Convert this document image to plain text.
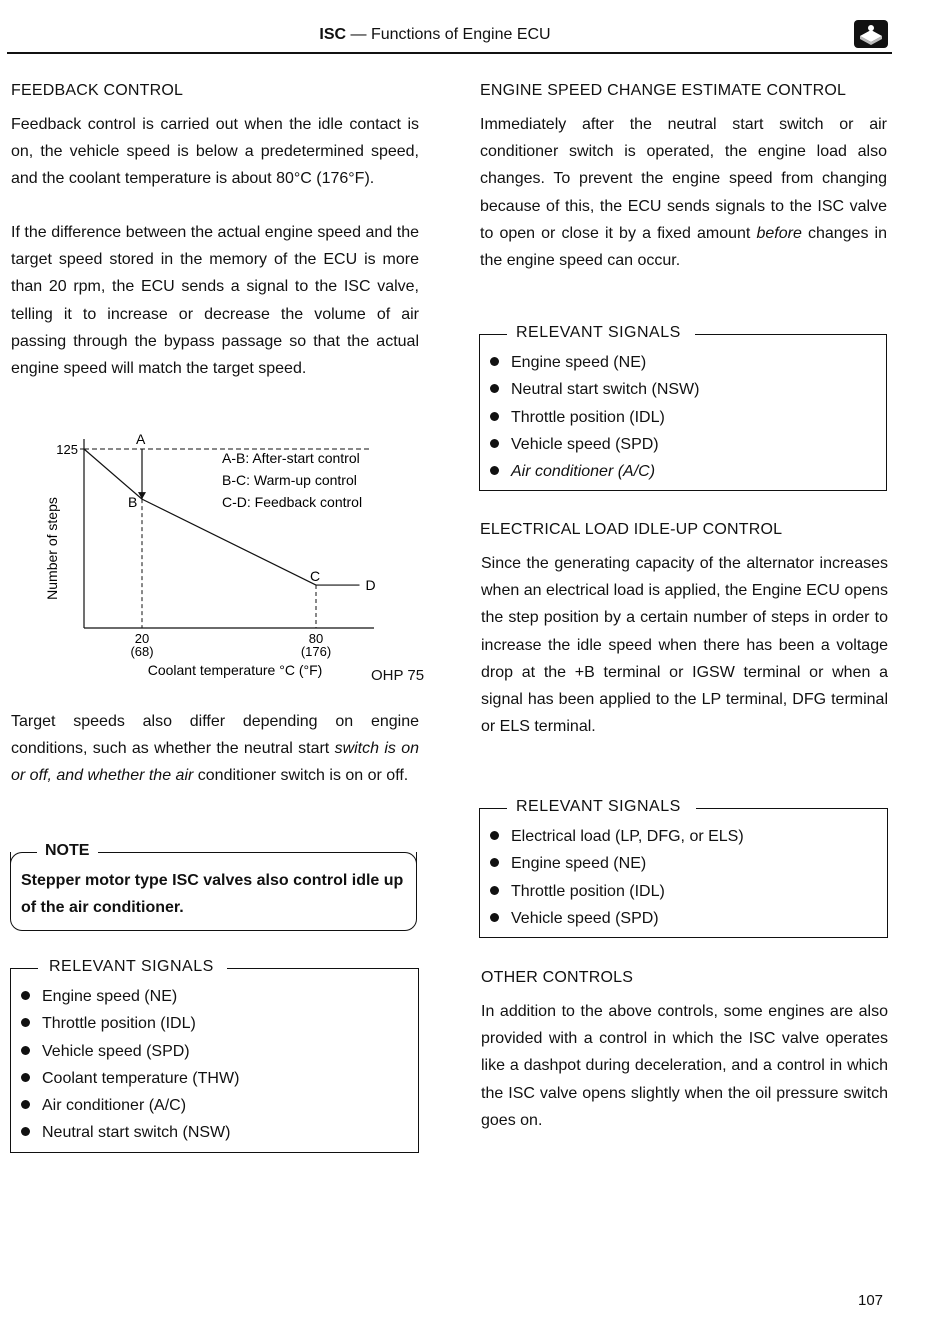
ISC — Functions of Engine ECU
FEEDBACK CONTROL
Feedback control is carried out when the idle contact is on, the vehicle speed is below a predetermined speed, and the coolant temperature is about 80°C (176°F).
If the difference between the actual engine speed and the target speed stored in the memory of the ECU is more than 20 rpm, the ECU sends a signal to the ISC valve, telling it to increase or decrease the volume of air passing through the bypass passage so that the actual engine speed will match the target speed.
125
Number of steps
A
B
C
D
20
(68)
80
(176)
Coolant temperature °C (°F)
A-B: After-start control
B-C: Warm-up control
C-D: Feedback control
OHP 75
Target speeds also differ depending on engine conditions, such as whether the neutral start switch is on or off, and whether the air conditioner switch is on or off.
NOTE
Stepper motor type ISC valves also control idle up of the air conditioner.
RELEVANT SIGNALS
Engine speed (NE)
Throttle position (IDL)
Vehicle speed (SPD)
Coolant temperature (THW)
Air conditioner (A/C)
Neutral start switch (NSW)
ENGINE SPEED CHANGE ESTIMATE CONTROL
Immediately after the neutral start switch or air conditioner switch is operated, the engine load also changes. To prevent the engine speed from changing because of this, the ECU sends signals to the ISC valve to open or close it by a fixed amount before changes in the engine speed can occur.
RELEVANT SIGNALS
Engine speed (NE)
Neutral start switch (NSW)
Throttle position (IDL)
Vehicle speed (SPD)
Air conditioner (A/C)
ELECTRICAL LOAD IDLE-UP CONTROL
Since the generating capacity of the alternator increases when an electrical load is applied, the Engine ECU opens the step position by a certain number of steps in order to increase the idle speed when there has been a voltage drop at the +B terminal or IGSW terminal or when a signal has been applied to the LP terminal, DFG terminal or ELS terminal.
RELEVANT SIGNALS
Electrical load (LP, DFG, or ELS)
Engine speed (NE)
Throttle position (IDL)
Vehicle speed (SPD)
OTHER CONTROLS
In addition to the above controls, some engines are also provided with a control in which the ISC valve operates like a dashpot during deceleration, and a control in which the ISC valve opens slightly when the oil pressure switch goes on.
107
